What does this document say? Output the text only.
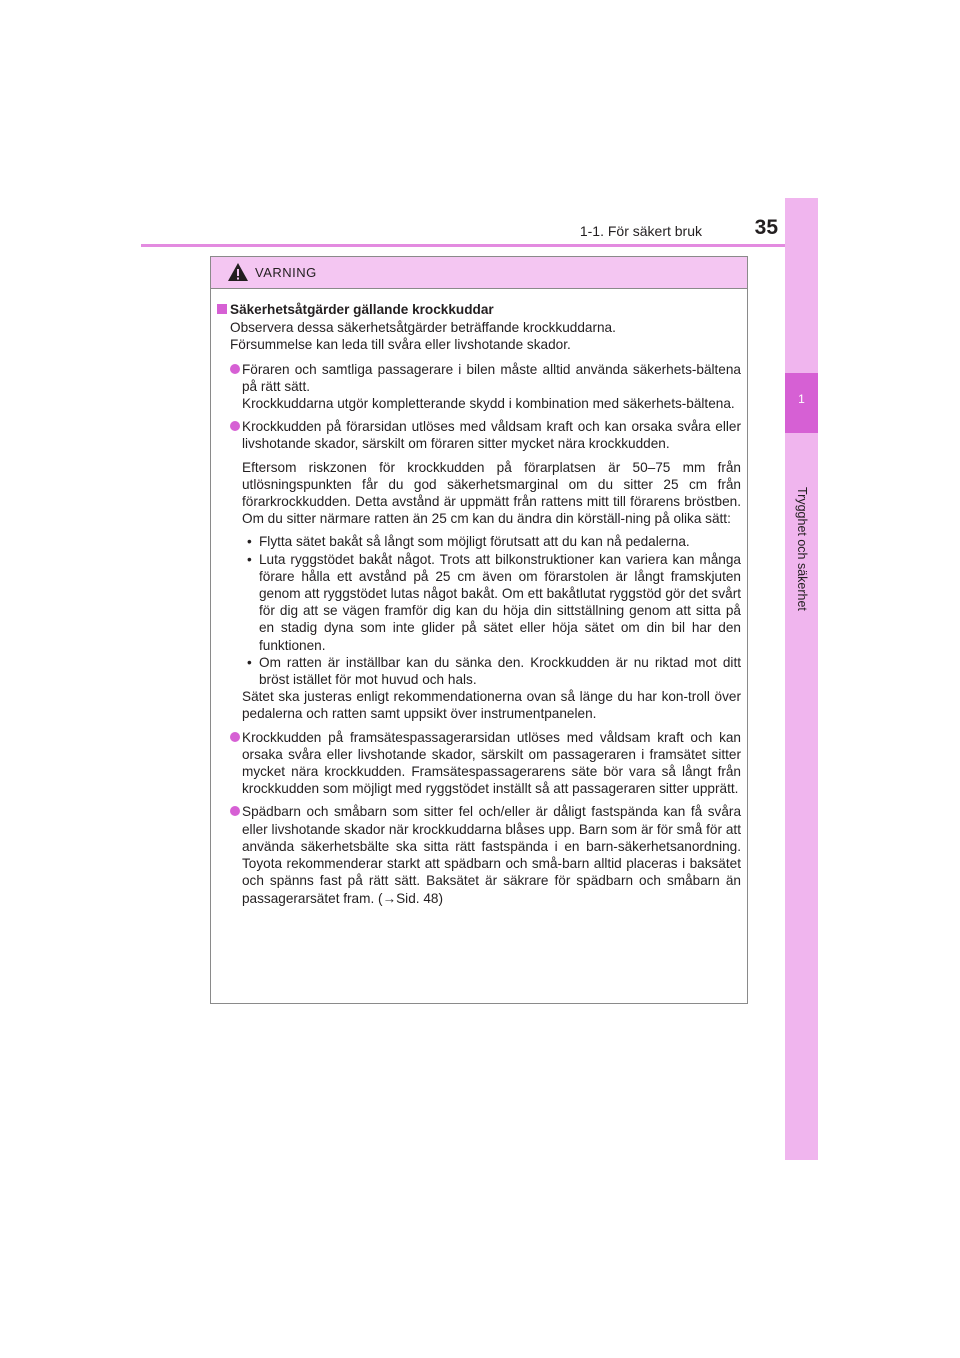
1-1. För säkert bruk	35
1
Trygghet och säkerhet
VARNING
Säkerhetsåtgärder gällande krockkuddar
Observera dessa säkerhetsåtgärder beträffande krockkuddarna.
Försummelse kan leda till svåra eller livshotande skador.
Föraren och samtliga passagerare i bilen måste alltid använda säkerhets-bältena på rätt sätt.
Krockkuddarna utgör kompletterande skydd i kombination med säkerhets-bältena.
Krockkudden på förarsidan utlöses med våldsam kraft och kan orsaka svåra eller livshotande skador, särskilt om föraren sitter mycket nära krockkudden.
Eftersom riskzonen för krockkudden på förarplatsen är 50–75 mm från utlösningspunkten får du god säkerhetsmarginal om du sitter 25 cm från förarkrockkudden. Detta avstånd är uppmätt från rattens mitt till förarens bröstben. Om du sitter närmare ratten än 25 cm kan du ändra din körställ-ning på olika sätt:
• Flytta sätet bakåt så långt som möjligt förutsatt att du kan nå pedalerna.
• Luta ryggstödet bakåt något. Trots att bilkonstruktioner kan variera kan många förare hålla ett avstånd på 25 cm även om förarstolen är långt framskjuten genom att ryggstödet lutas något bakåt. Om ett bakåtlutat ryggstöd gör det svårt för dig att se vägen framför dig kan du höja din sittställning genom att sitta på en stadig dyna som inte glider på sätet eller höja sätet om din bil har den funktionen.
• Om ratten är inställbar kan du sänka den. Krockkudden är nu riktad mot ditt bröst istället för mot huvud och hals.
Sätet ska justeras enligt rekommendationerna ovan så länge du har kon-troll över pedalerna och ratten samt uppsikt över instrumentpanelen.
Krockkudden på framsätespassagerarsidan utlöses med våldsam kraft och kan orsaka svåra eller livshotande skador, särskilt om passageraren i framsätet sitter mycket nära krockkudden. Framsätespassagerarens säte bör vara så långt från krockkudden som möjligt med ryggstödet inställt så att passageraren sitter upprätt.
Spädbarn och småbarn som sitter fel och/eller är dåligt fastspända kan få svåra eller livshotande skador när krockkuddarna blåses upp. Barn som är för små för att använda säkerhetsbälte ska sitta rätt fastspända i en barn-säkerhetsanordning. Toyota rekommenderar starkt att spädbarn och små-barn alltid placeras i baksätet och spänns fast på rätt sätt. Baksätet är säkrare för spädbarn och småbarn än passagerarsätet fram. (→Sid. 48)
